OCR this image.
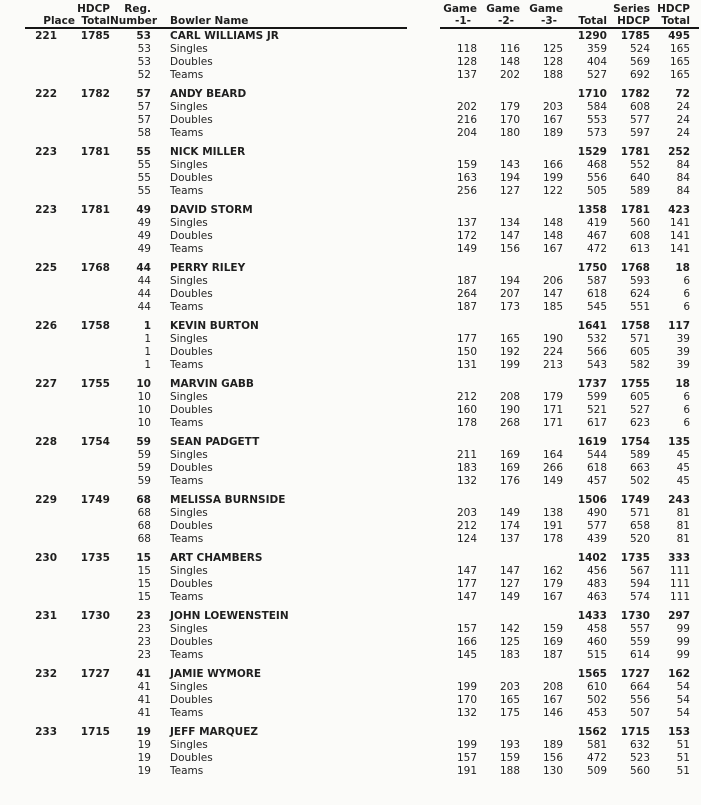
	HDCP	Reg.		Game	Game	Game		Series	HDCP
Place	Total	Number	Bowler Name	-1-	-2-	-3-	Total	HDCP	Total
221	1785	53	CARL WILLIAMS JR				1290	1785	495
		53	Singles	118	116	125	359	524	165
		53	Doubles	128	148	128	404	569	165
		52	Teams	137	202	188	527	692	165
222	1782	57	ANDY BEARD				1710	1782	72
		57	Singles	202	179	203	584	608	24
		57	Doubles	216	170	167	553	577	24
		58	Teams	204	180	189	573	597	24
223	1781	55	NICK MILLER				1529	1781	252
		55	Singles	159	143	166	468	552	84
		55	Doubles	163	194	199	556	640	84
		55	Teams	256	127	122	505	589	84
223	1781	49	DAVID STORM				1358	1781	423
		49	Singles	137	134	148	419	560	141
		49	Doubles	172	147	148	467	608	141
		49	Teams	149	156	167	472	613	141
225	1768	44	PERRY RILEY				1750	1768	18
		44	Singles	187	194	206	587	593	6
		44	Doubles	264	207	147	618	624	6
		44	Teams	187	173	185	545	551	6
226	1758	1	KEVIN BURTON				1641	1758	117
		1	Singles	177	165	190	532	571	39
		1	Doubles	150	192	224	566	605	39
		1	Teams	131	199	213	543	582	39
227	1755	10	MARVIN GABB				1737	1755	18
		10	Singles	212	208	179	599	605	6
		10	Doubles	160	190	171	521	527	6
		10	Teams	178	268	171	617	623	6
228	1754	59	SEAN PADGETT				1619	1754	135
		59	Singles	211	169	164	544	589	45
		59	Doubles	183	169	266	618	663	45
		59	Teams	132	176	149	457	502	45
229	1749	68	MELISSA BURNSIDE				1506	1749	243
		68	Singles	203	149	138	490	571	81
		68	Doubles	212	174	191	577	658	81
		68	Teams	124	137	178	439	520	81
230	1735	15	ART CHAMBERS				1402	1735	333
		15	Singles	147	147	162	456	567	111
		15	Doubles	177	127	179	483	594	111
		15	Teams	147	149	167	463	574	111
231	1730	23	JOHN LOEWENSTEIN				1433	1730	297
		23	Singles	157	142	159	458	557	99
		23	Doubles	166	125	169	460	559	99
		23	Teams	145	183	187	515	614	99
232	1727	41	JAMIE WYMORE				1565	1727	162
		41	Singles	199	203	208	610	664	54
		41	Doubles	170	165	167	502	556	54
		41	Teams	132	175	146	453	507	54
233	1715	19	JEFF MARQUEZ				1562	1715	153
		19	Singles	199	193	189	581	632	51
		19	Doubles	157	159	156	472	523	51
		19	Teams	191	188	130	509	560	51
